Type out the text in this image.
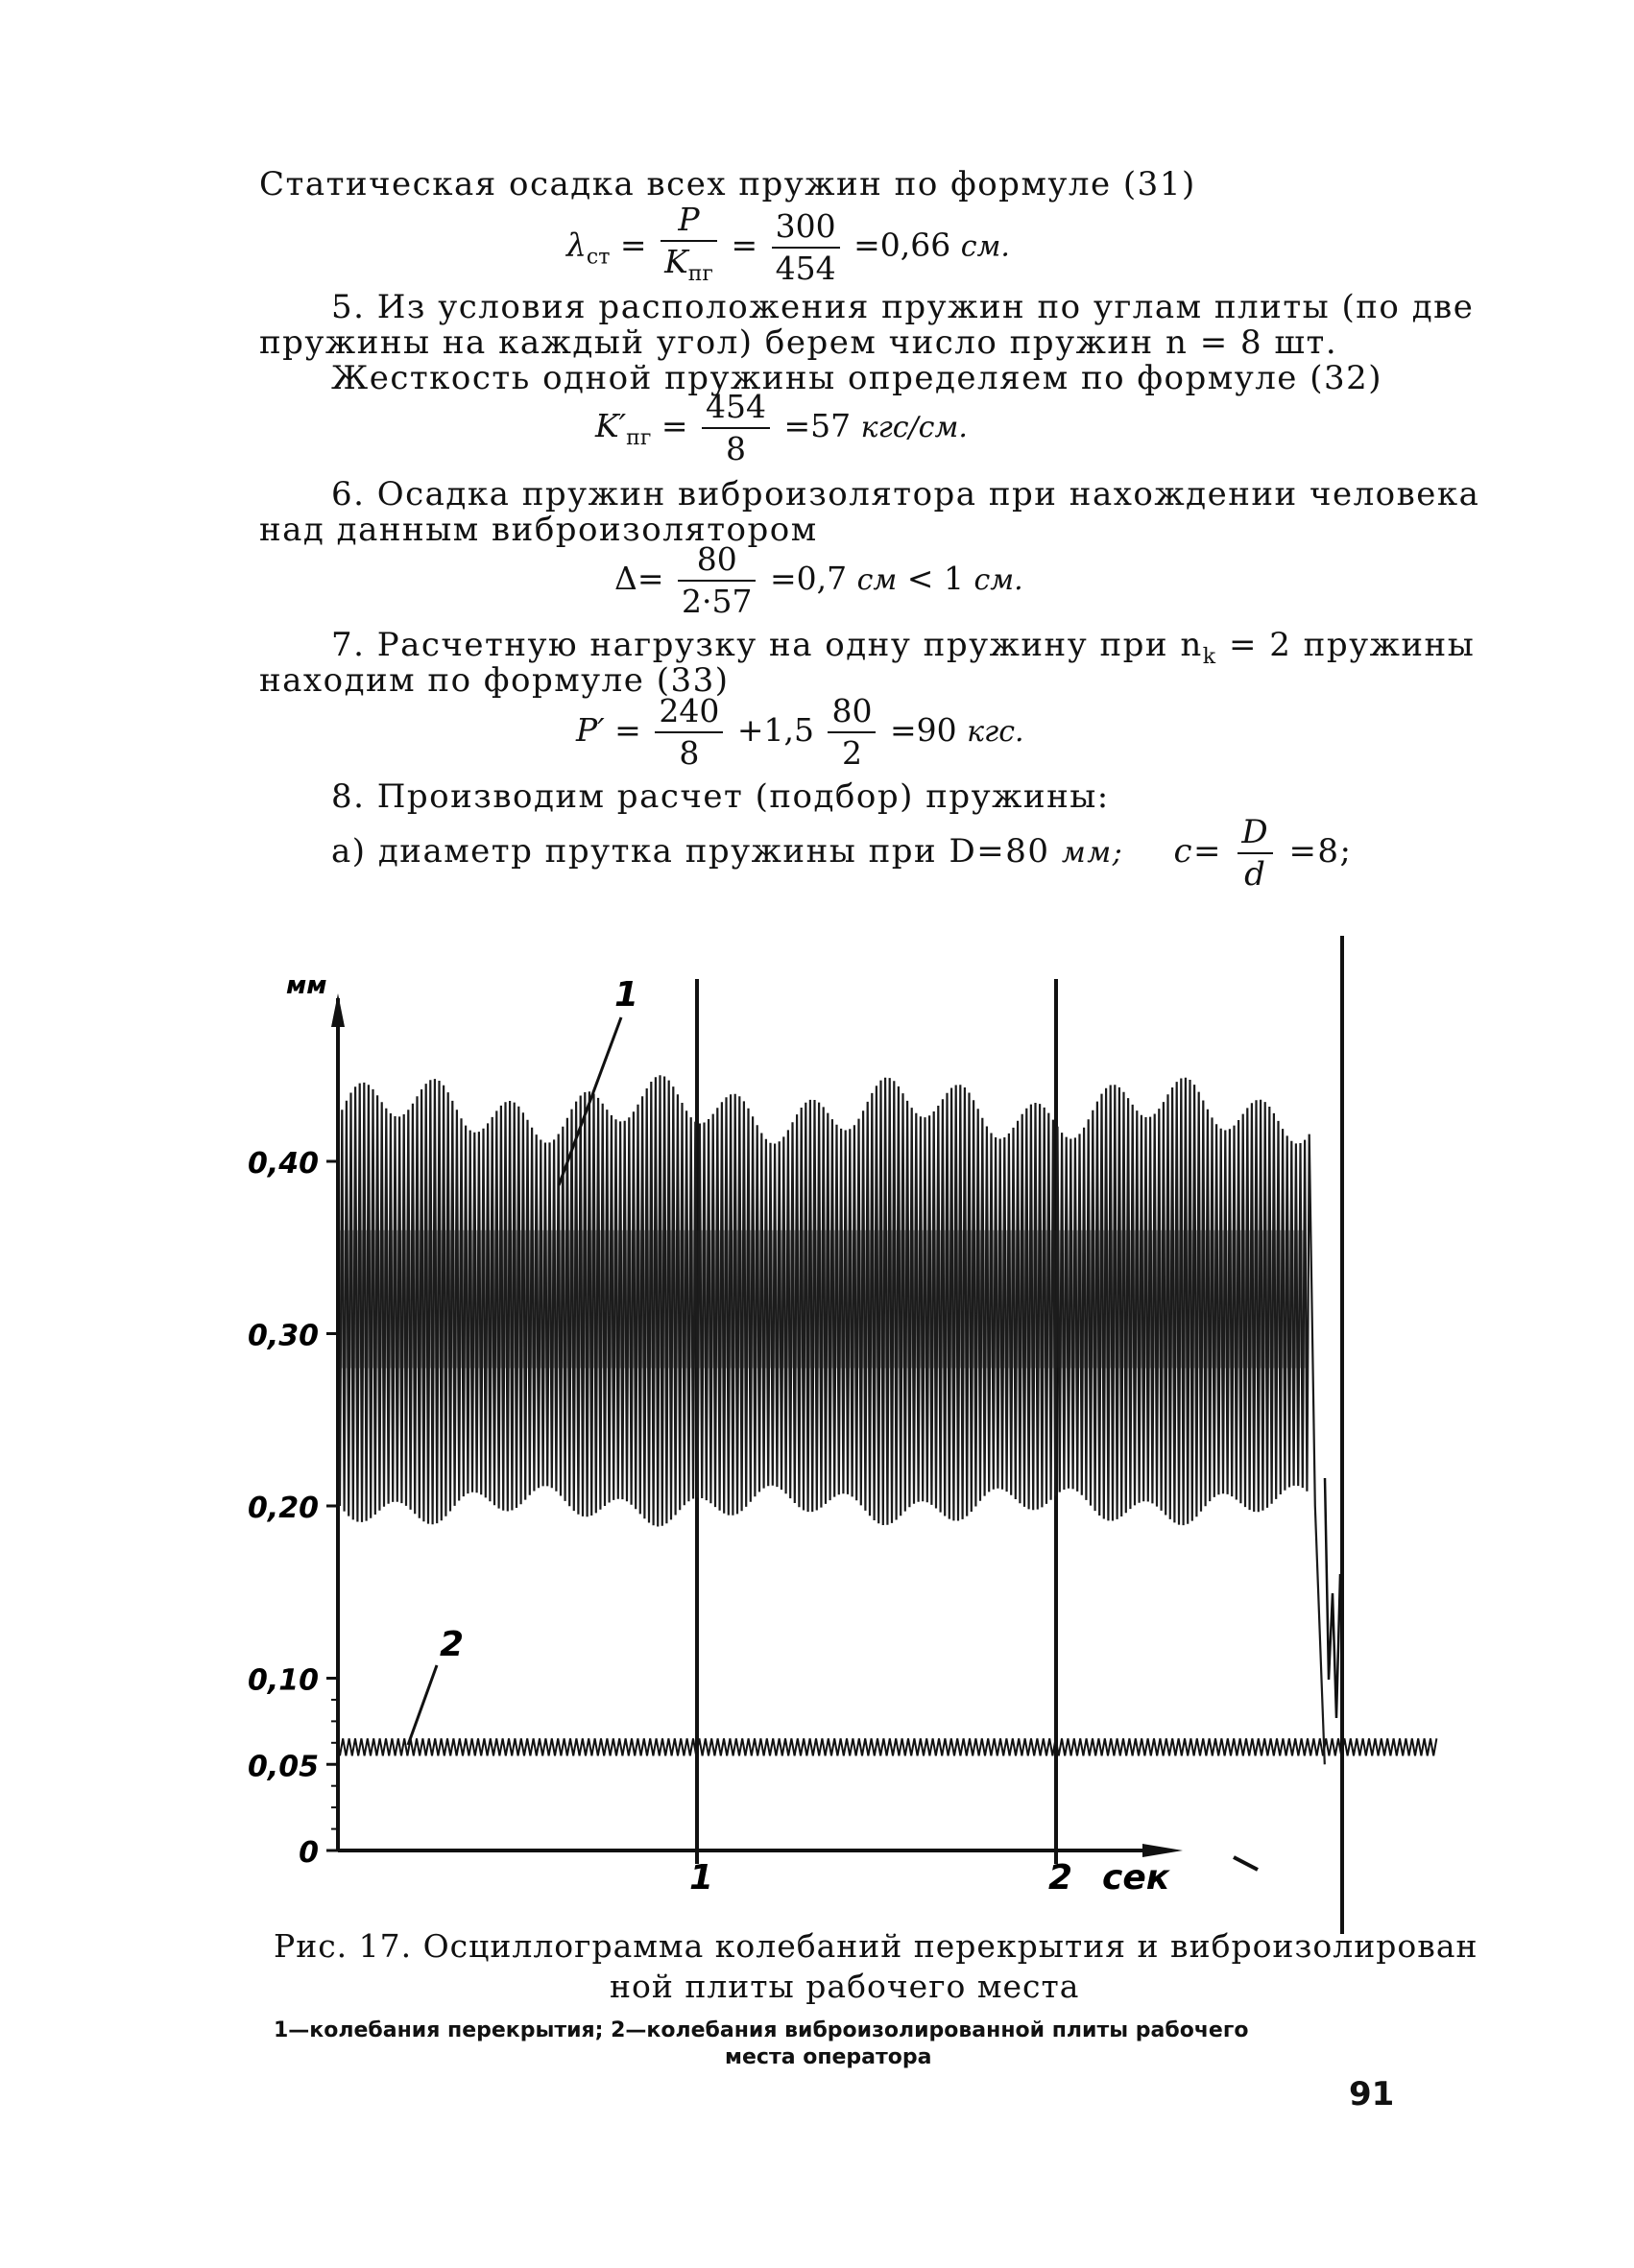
Статическая осадка всех пружин по формуле (31)
$\lambda_{ст} = \frac{P}{K_{пг}} = \frac{300}{454} =0,66$ см.
5. Из условия расположения пружин по углам плиты (по две
пружины на каждый угол) берем число пружин n = 8 шт.
Жесткость одной пружины определяем по формуле (32)
$K'_{пг} = \frac{454}{8} =57$ кгс/см.
6. Осадка пружин виброизолятора при нахождении человека
над данным виброизолятором
$\Delta= \frac{80}{2\cdot 57} =0,7$ см < 1 см.
7. Расчетную нагрузку на одну пружину при $n_k = 2$ пружины
находим по формуле (33)
$P' = \frac{240}{8} +1,5 \frac{80}{2} =90$ кгс.
8. Производим расчет (подбор) пружины:
а) диаметр прутка пружины при D=80 мм; $c= \frac{D}{d} =8$;
мм
сек
0
0,05
0,10
0,20
0,30
0,40
1	2
1
2
Рис. 17. Осциллограмма колебаний перекрытия и виброизолирован
ной плиты рабочего места
1—колебания перекрытия; 2—колебания виброизолированной плиты рабочего
места оператора
91
